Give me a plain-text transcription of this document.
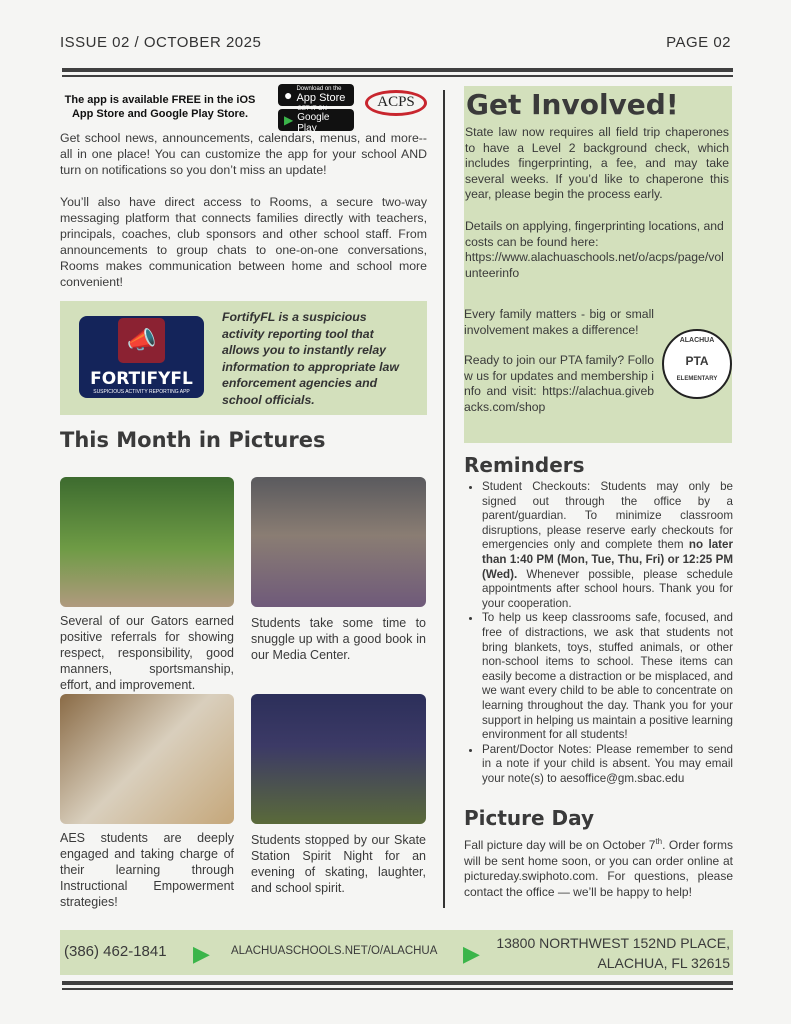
ISSUE 02 / OCTOBER 2025	PAGE 02
The app is available FREE in the iOS App Store and Google Play Store.
● Download on the
App Store
▶
GET IT ON
Google Play
ACPS
Get school news, announcements, calendars, menus, and more--all in one place! You can customize the app for your school AND turn on notifications so you don’t miss an update!
You’ll also have direct access to Rooms, a secure two-way messaging platform that connects families directly with teachers, principals, coaches, club sponsors and other school staff. From announcements to group chats to one-on-one conversations, Rooms makes communication between home and school more convenient!
📣
FORTIFYFL
SUSPICIOUS ACTIVITY REPORTING APP
FortifyFL is a suspicious activity reporting tool that allows you to instantly relay information to appropriate law enforcement agencies and school officials.
This Month in Pictures
Several of our Gators earned positive referrals for showing respect, responsibility, good manners, sportsmanship, effort, and improvement.
Students take some time to snuggle up with a good book in our Media Center.
AES students are deeply engaged and taking charge of their learning through Instructional Empowerment strategies!
Students stopped by our Skate Station Spirit Night for an evening of skating, laughter, and school spirit.
Get Involved!
State law now requires all field trip chaperones to have a Level 2 background check, which includes fingerprinting, a fee, and may take several weeks. If you’d like to chaperone this year, please begin the process early.
Details on applying, fingerprinting locations, and costs can be found here:
https://www.alachuaschools.net/o/acps/page/volunteerinfo
Every family matters - big or small involvement makes a difference!
Ready to join our PTA family? Follow us for updates and membership info and visit: https://alachua.givebacks.com/shop
ALACHUA
PTA
ELEMENTARY
Reminders
• Student Checkouts: Students may only be signed out through the office by a parent/guardian. To minimize classroom disruptions, please reserve early checkouts for emergencies only and complete them no later than 1:40 PM (Mon, Tue, Thu, Fri) or 12:25 PM (Wed). Whenever possible, please schedule appointments after school hours. Thank you for your cooperation.
• To help us keep classrooms safe, focused, and free of distractions, we ask that students not bring blankets, toys, stuffed animals, or other non-school items to school. These items can easily become a distraction or be misplaced, and we want every child to be able to concentrate on learning throughout the day. Thank you for your support in helping us maintain a positive learning environment for all students!
• Parent/Doctor Notes: Please remember to send in a note if your child is absent. You may email your note(s) to aesoffice@gm.sbac.edu
Picture Day
Fall picture day will be on October 7th. Order forms will be sent home soon, or you can order online at pictureday.swiphoto.com. For questions, please contact the office — we’ll be happy to help!
(386) 462-1841 ◀ ALACHUASCHOOLS.NET/O/ALACHUA ◀ 13800 NORTHWEST 152ND PLACE,
ALACHUA, FL 32615
